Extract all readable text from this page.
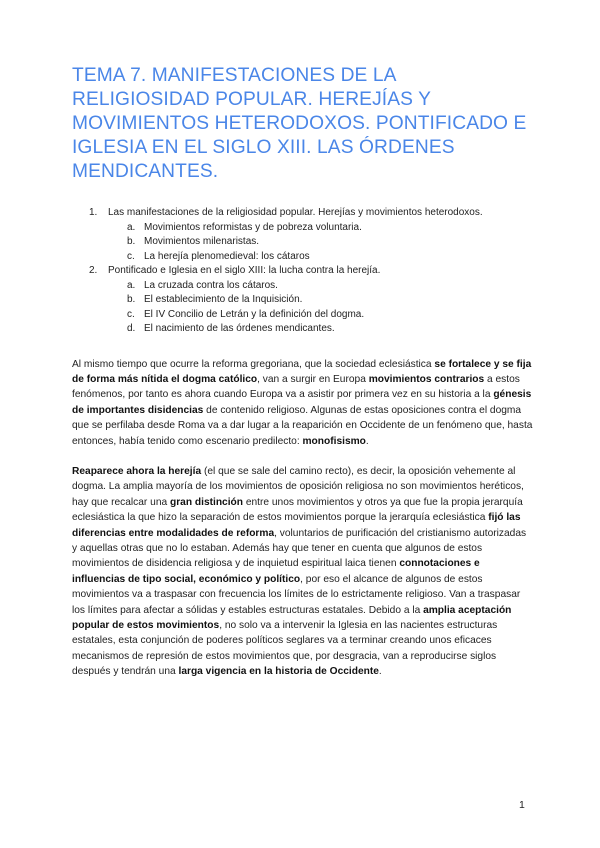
TEMA 7. MANIFESTACIONES DE LA RELIGIOSIDAD POPULAR. HEREJÍAS Y MOVIMIENTOS HETERODOXOS. PONTIFICADO E IGLESIA EN EL SIGLO XIII. LAS ÓRDENES MENDICANTES.
1. Las manifestaciones de la religiosidad popular. Herejías y movimientos heterodoxos.
a. Movimientos reformistas y de pobreza voluntaria.
b. Movimientos milenaristas.
c. La herejía plenomedieval: los cátaros
2. Pontificado e Iglesia en el siglo XIII: la lucha contra la herejía.
a. La cruzada contra los cátaros.
b. El establecimiento de la Inquisición.
c. El IV Concilio de Letrán y la definición del dogma.
d. El nacimiento de las órdenes mendicantes.

Al mismo tiempo que ocurre la reforma gregoriana, que la sociedad eclesiástica se fortalece y se fija de forma más nítida el dogma católico, van a surgir en Europa movimientos contrarios a estos fenómenos, por tanto es ahora cuando Europa va a asistir por primera vez en su historia a la génesis de importantes disidencias de contenido religioso. Algunas de estas oposiciones contra el dogma que se perfilaba desde Roma va a dar lugar a la reaparición en Occidente de un fenómeno que, hasta entonces, había tenido como escenario predilecto: monofisismo.

Reaparece ahora la herejía (el que se sale del camino recto), es decir, la oposición vehemente al dogma. La amplia mayoría de los movimientos de oposición religiosa no son movimientos heréticos, hay que recalcar una gran distinción entre unos movimientos y otros ya que fue la propia jerarquía eclesiástica la que hizo la separación de estos movimientos porque la jerarquía eclesiástica fijó las diferencias entre modalidades de reforma, voluntarios de purificación del cristianismo autorizadas y aquellas otras que no lo estaban. Además hay que tener en cuenta que algunos de estos movimientos de disidencia religiosa y de inquietud espiritual laica tienen connotaciones e influencias de tipo social, económico y político, por eso el alcance de algunos de estos movimientos va a traspasar con frecuencia los límites de lo estrictamente religioso. Van a traspasar los límites para afectar a sólidas y estables estructuras estatales. Debido a la amplia aceptación popular de estos movimientos, no solo va a intervenir la Iglesia en las nacientes estructuras estatales, esta conjunción de poderes políticos seglares va a terminar creando unos eficaces mecanismos de represión de estos movimientos que, por desgracia, van a reproducirse siglos después y tendrán una larga vigencia en la historia de Occidente.

1
